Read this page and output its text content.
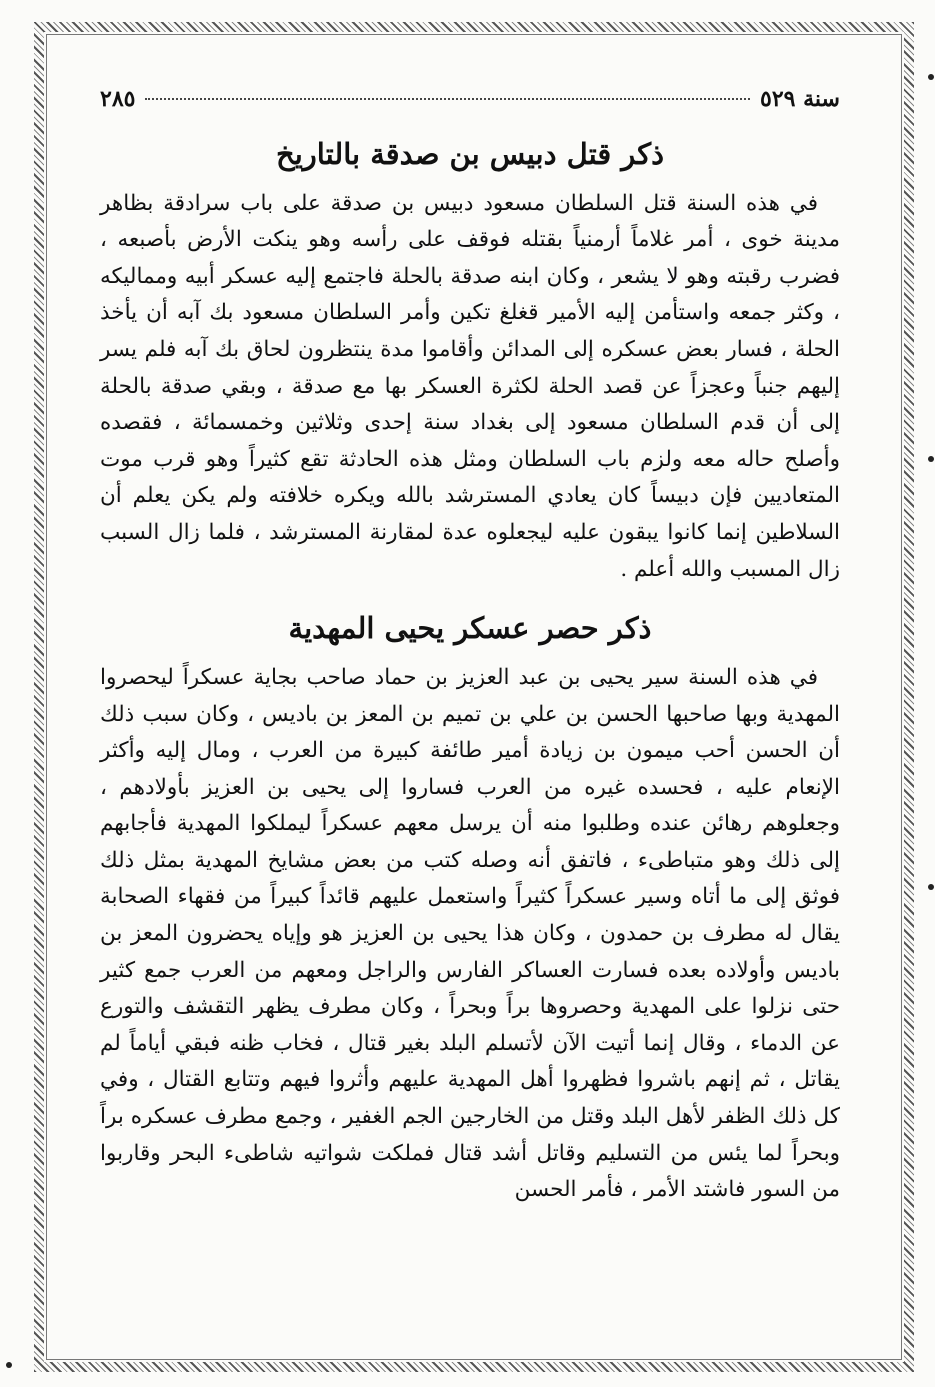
سنة ٥٢٩
٢٨٥
ذكر قتل دبيس بن صدقة بالتاريخ

في هذه السنة قتل السلطان مسعود دبيس بن صدقة على باب سرادقة بظاهر مدينة خوى ، أمر غلاماً أرمنياً بقتله فوقف على رأسه وهو ينكت الأرض بأصبعه ، فضرب رقبته وهو لا يشعر ، وكان ابنه صدقة بالحلة فاجتمع إليه عسكر أبيه ومماليكه ، وكثر جمعه واستأمن إليه الأمير قغلغ تكين وأمر السلطان مسعود بك آبه أن يأخذ الحلة ، فسار بعض عسكره إلى المدائن وأقاموا مدة ينتظرون لحاق بك آبه فلم يسر إليهم جنباً وعجزاً عن قصد الحلة لكثرة العسكر بها مع صدقة ، وبقي صدقة بالحلة إلى أن قدم السلطان مسعود إلى بغداد سنة إحدى وثلاثين وخمسمائة ، فقصده وأصلح حاله معه ولزم باب السلطان ومثل هذه الحادثة تقع كثيراً وهو قرب موت المتعاديين فإن دبيساً كان يعادي المسترشد بالله ويكره خلافته ولم يكن يعلم أن السلاطين إنما كانوا يبقون عليه ليجعلوه عدة لمقارنة المسترشد ، فلما زال السبب زال المسبب والله أعلم .

ذكر حصر عسكر يحيى المهدية

في هذه السنة سير يحيى بن عبد العزيز بن حماد صاحب بجاية عسكراً ليحصروا المهدية وبها صاحبها الحسن بن علي بن تميم بن المعز بن باديس ، وكان سبب ذلك أن الحسن أحب ميمون بن زيادة أمير طائفة كبيرة من العرب ، ومال إليه وأكثر الإنعام عليه ، فحسده غيره من العرب فساروا إلى يحيى بن العزيز بأولادهم ، وجعلوهم رهائن عنده وطلبوا منه أن يرسل معهم عسكراً ليملكوا المهدية فأجابهم إلى ذلك وهو متباطىء ، فاتفق أنه وصله كتب من بعض مشايخ المهدية بمثل ذلك فوثق إلى ما أتاه وسير عسكراً كثيراً واستعمل عليهم قائداً كبيراً من فقهاء الصحابة يقال له مطرف بن حمدون ، وكان هذا يحيى بن العزيز هو وإياه يحضرون المعز بن باديس وأولاده بعده فسارت العساكر الفارس والراجل ومعهم من العرب جمع كثير حتى نزلوا على المهدية وحصروها براً وبحراً ، وكان مطرف يظهر التقشف والتورع عن الدماء ، وقال إنما أتيت الآن لأتسلم البلد بغير قتال ، فخاب ظنه فبقي أياماً لم يقاتل ، ثم إنهم باشروا فظهروا أهل المهدية عليهم وأثروا فيهم وتتابع القتال ، وفي كل ذلك الظفر لأهل البلد وقتل من الخارجين الجم الغفير ، وجمع مطرف عسكره براً وبحراً لما يئس من التسليم وقاتل أشد قتال فملكت شواتيه شاطىء البحر وقاربوا من السور فاشتد الأمر ، فأمر الحسن
